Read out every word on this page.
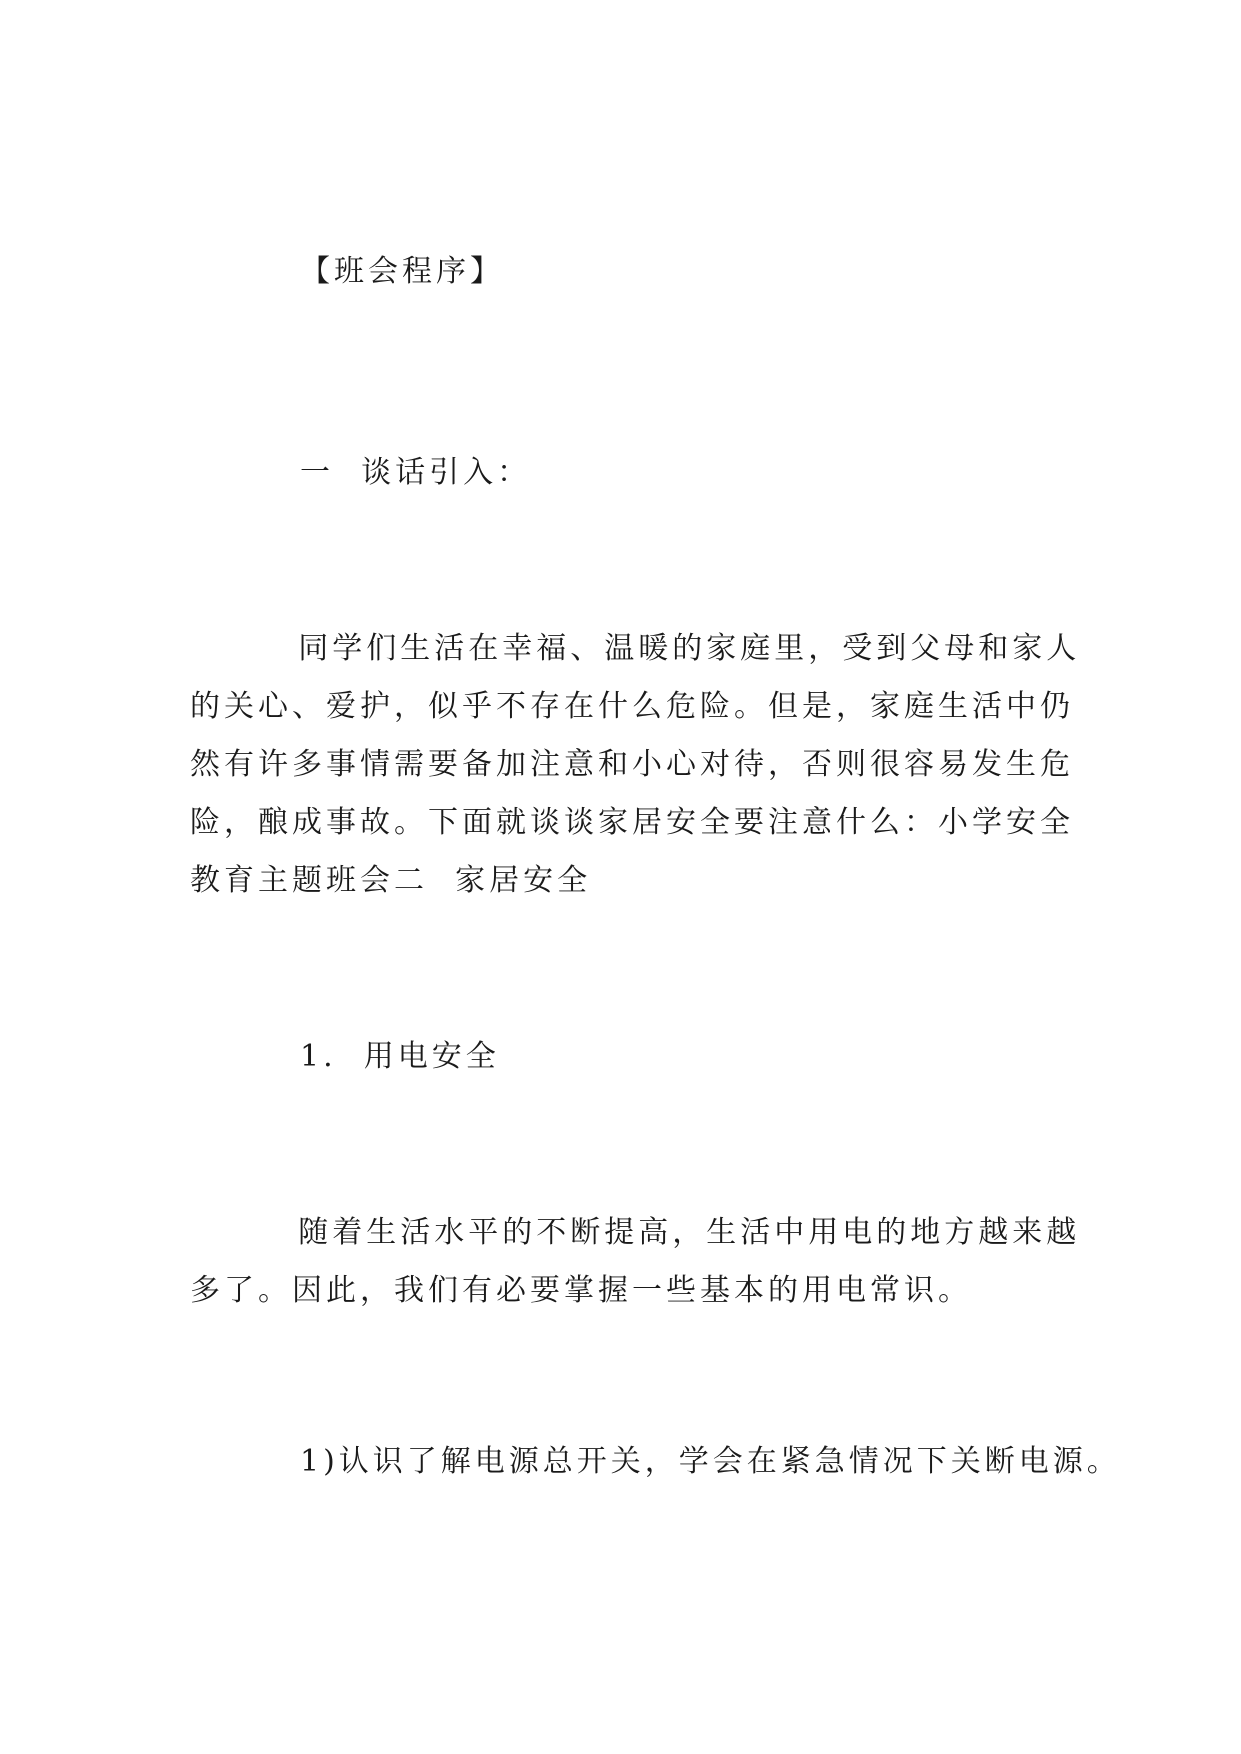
【班会程序】
一  谈话引入：
同学们生活在幸福、温暖的家庭里，受到父母和家人
的关心、爱护，似乎不存在什么危险。但是，家庭生活中仍
然有许多事情需要备加注意和小心对待，否则很容易发生危
险，酿成事故。下面就谈谈家居安全要注意什么：小学安全
教育主题班会二  家居安全
1.  用电安全
随着生活水平的不断提高，生活中用电的地方越来越
多了。因此，我们有必要掌握一些基本的用电常识。
1)认识了解电源总开关，学会在紧急情况下关断电源。
